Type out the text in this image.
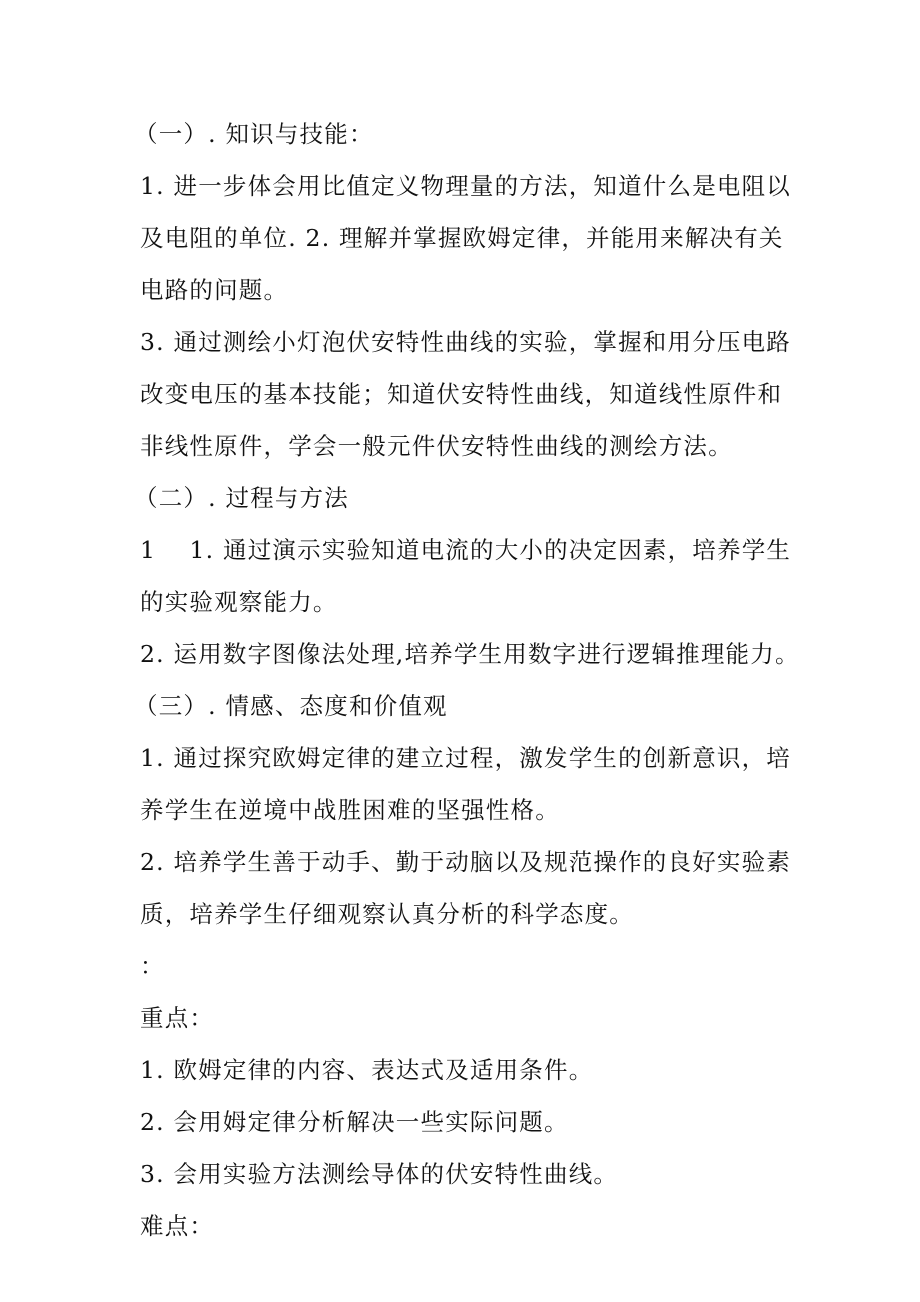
（一）. 知识与技能：

1. 进一步体会用比值定义物理量的方法，知道什么是电阻以

及电阻的单位. 2. 理解并掌握欧姆定律，并能用来解决有关

电路的问题。

3. 通过测绘小灯泡伏安特性曲线的实验，掌握和用分压电路

改变电压的基本技能；知道伏安特性曲线，知道线性原件和

非线性原件，学会一般元件伏安特性曲线的测绘方法。

（二）. 过程与方法

1　 1. 通过演示实验知道电流的大小的决定因素，培养学生

的实验观察能力。

2. 运用数字图像法处理,培养学生用数字进行逻辑推理能力。

（三）. 情感、态度和价值观

1. 通过探究欧姆定律的建立过程，激发学生的创新意识，培

养学生在逆境中战胜困难的坚强性格。

2. 培养学生善于动手、勤于动脑以及规范操作的良好实验素

质，培养学生仔细观察认真分析的科学态度。

：

重点：

1. 欧姆定律的内容、表达式及适用条件。

2. 会用姆定律分析解决一些实际问题。

3. 会用实验方法测绘导体的伏安特性曲线。

难点：
